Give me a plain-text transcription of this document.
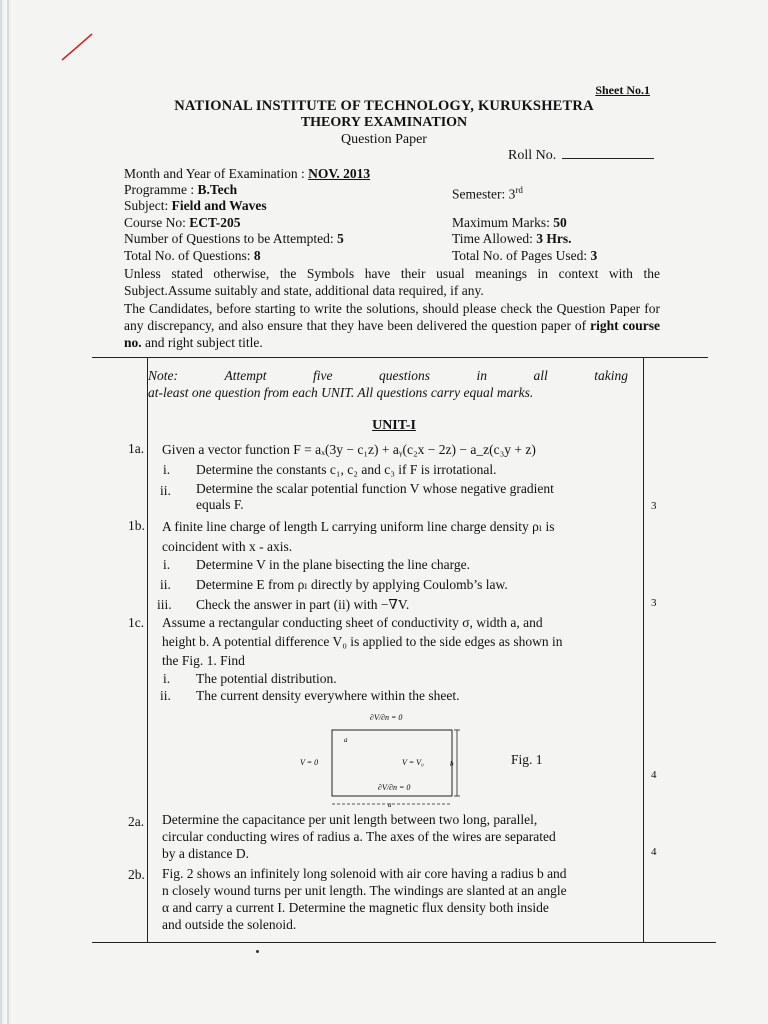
Sheet No.1
NATIONAL INSTITUTE OF TECHNOLOGY, KURUKSHETRA
THEORY EXAMINATION
Question Paper
Roll No.
Month and Year of Examination : NOV. 2013
Programme : B.Tech	Semester: 3rd
Subject: Field and Waves
Course No: ECT-205	Maximum Marks: 50
Number of Questions to be Attempted: 5	Time Allowed: 3 Hrs.
Total No. of Questions: 8	Total No. of Pages Used: 3
Unless stated otherwise, the Symbols have their usual meanings in context with the Subject.Assume suitably and state, additional data required, if any.
The Candidates, before starting to write the solutions, should please check the Question Paper for any discrepancy, and also ensure that they have been delivered the question paper of right course no. and right subject title.
Note:	Attempt	five	questions	in	all	taking
at-least one question from each UNIT. All questions carry equal marks.
UNIT-I
1a. Given a vector function F = aₓ(3y − c₁z) + aᵧ(c₂x − 2z) − a_z(c₃y + z)
i. Determine the constants c₁, c₂ and c₃ if F is irrotational.
ii. Determine the scalar potential function V whose negative gradient
equals F.	3
1b. A finite line charge of length L carrying uniform line charge density ρₗ is
coincident with x - axis.
i. Determine V in the plane bisecting the line charge.
ii. Determine E from ρₗ directly by applying Coulomb’s law.
iii. Check the answer in part (ii) with −∇V.	3
1c. Assume a rectangular conducting sheet of conductivity σ, width a, and
height b. A potential difference V₀ is applied to the side edges as shown in
the Fig. 1. Find
i. The potential distribution.
ii. The current density everywhere within the sheet.
∂V/∂n = 0
V = 0	V = V₀
∂V/∂n = 0
a
b
a
Fig. 1
4
2a. Determine the capacitance per unit length between two long, parallel,
circular conducting wires of radius a. The axes of the wires are separated
by a distance D.	4
2b. Fig. 2 shows an infinitely long solenoid with air core having a radius b and
n closely wound turns per unit length. The windings are slanted at an angle
α and carry a current I. Determine the magnetic flux density both inside
and outside the solenoid.
